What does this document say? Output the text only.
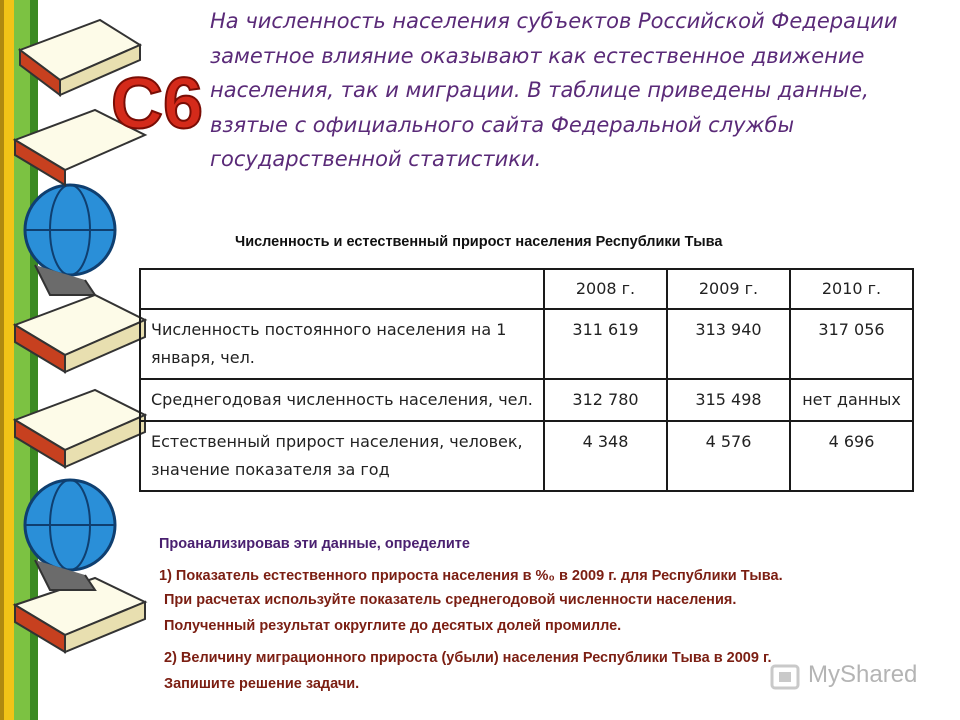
C6

На численность населения субъектов Российской Федерации заметное влияние оказывают как естественное движение населения, так и миграции. В таблице приведены данные, взятые с официального сайта Федеральной службы государственной статистики.

Численность и естественный прирост населения Республики Тыва

	2008 г.	2009 г.	2010 г.
Численность постоянного населения на 1 января, чел.	311 619	313 940	317 056
Среднегодовая численность населения, чел.	312 780	315 498	нет данных
Естественный прирост населения, человек, значение показателя за год	4 348	4 576	4 696

Проанализировав эти данные, определите

1) Показатель естественного прироста населения в %₀ в 2009 г. для Республики Тыва.

При расчетах используйте показатель среднегодовой численности населения.

Полученный результат округлите до десятых долей промилле.

2) Величину миграционного прироста (убыли) населения Республики Тыва в 2009 г.

Запишите решение задачи.	MyShared
